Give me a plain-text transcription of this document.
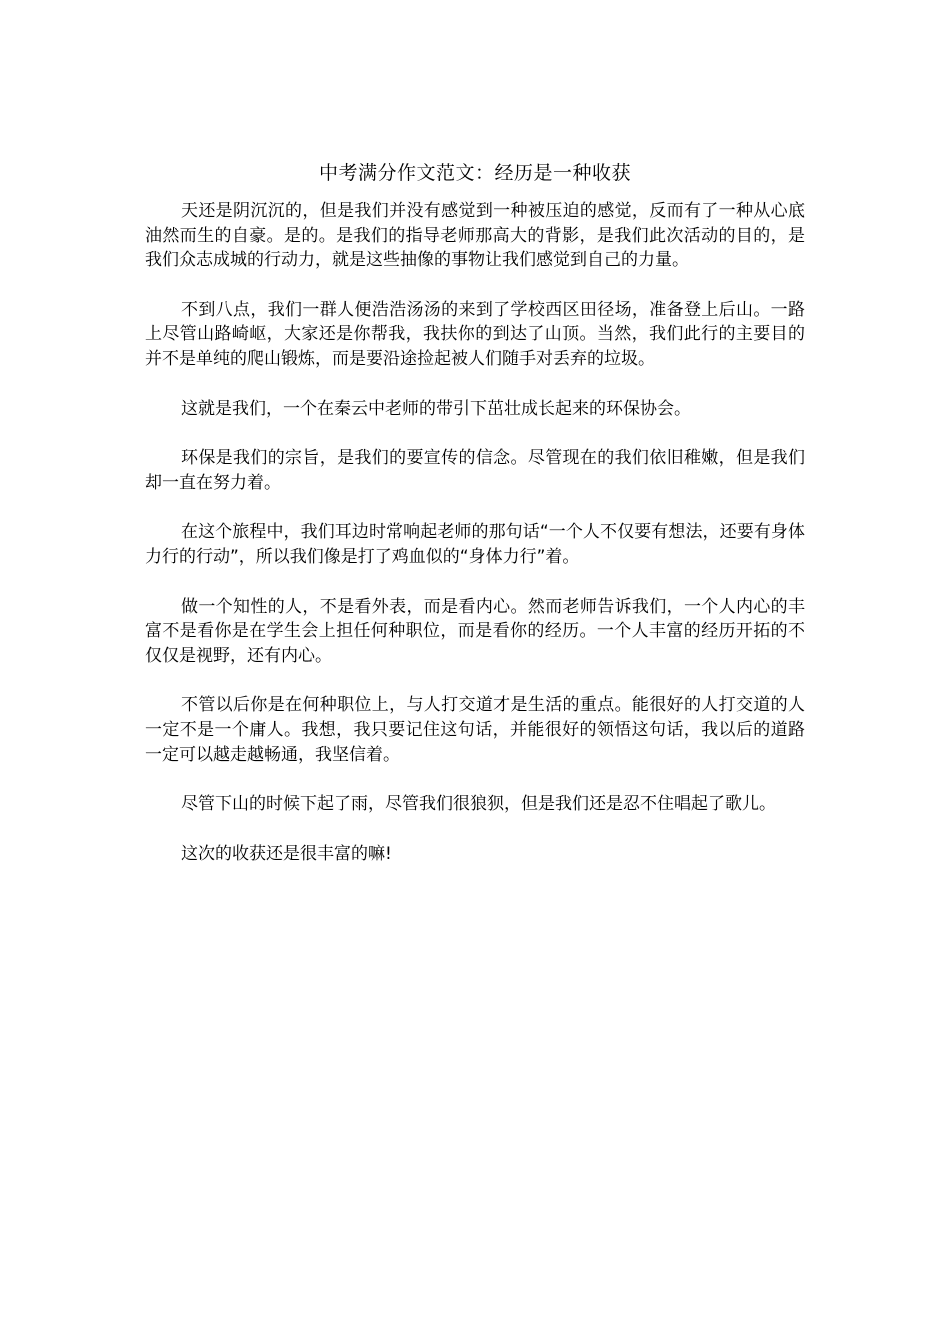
中考满分作文范文：经历是一种收获

天还是阴沉沉的，但是我们并没有感觉到一种被压迫的感觉，反而有了一种从心底油然而生的自豪。是的。是我们的指导老师那高大的背影，是我们此次活动的目的，是我们众志成城的行动力，就是这些抽像的事物让我们感觉到自己的力量。

不到八点，我们一群人便浩浩汤汤的来到了学校西区田径场，准备登上后山。一路上尽管山路崎岖，大家还是你帮我，我扶你的到达了山顶。当然，我们此行的主要目的并不是单纯的爬山锻炼，而是要沿途捡起被人们随手对丢弃的垃圾。

这就是我们，一个在秦云中老师的带引下茁壮成长起来的环保协会。

环保是我们的宗旨，是我们的要宣传的信念。尽管现在的我们依旧稚嫩，但是我们却一直在努力着。

在这个旅程中，我们耳边时常响起老师的那句话“一个人不仅要有想法，还要有身体力行的行动”，所以我们像是打了鸡血似的“身体力行”着。

做一个知性的人，不是看外表，而是看内心。然而老师告诉我们，一个人内心的丰富不是看你是在学生会上担任何种职位，而是看你的经历。一个人丰富的经历开拓的不仅仅是视野，还有内心。

不管以后你是在何种职位上，与人打交道才是生活的重点。能很好的人打交道的人一定不是一个庸人。我想，我只要记住这句话，并能很好的领悟这句话，我以后的道路一定可以越走越畅通，我坚信着。

尽管下山的时候下起了雨，尽管我们很狼狈，但是我们还是忍不住唱起了歌儿。

这次的收获还是很丰富的嘛!
